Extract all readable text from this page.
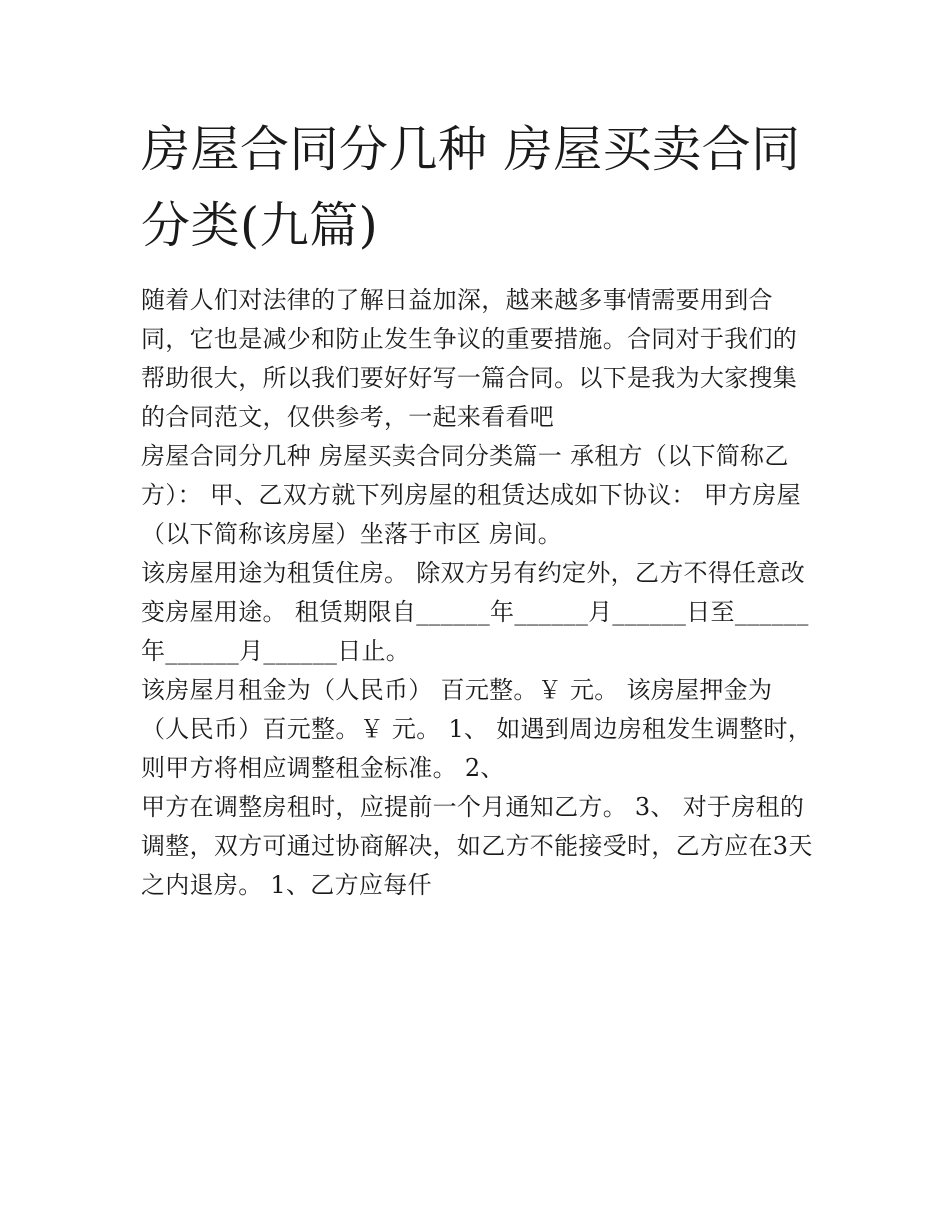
房屋合同分几种 房屋买卖合同分类(九篇)

随着人们对法律的了解日益加深，越来越多事情需要用到合同，它也是减少和防止发生争议的重要措施。合同对于我们的帮助很大，所以我们要好好写一篇合同。以下是我为大家搜集的合同范文，仅供参考，一起来看看吧

房屋合同分几种 房屋买卖合同分类篇一 承租方（以下简称乙方）： 甲、乙双方就下列房屋的租赁达成如下协议： 甲方房屋（以下简称该房屋）坐落于市区 房间。

该房屋用途为租赁住房。 除双方另有约定外，乙方不得任意改变房屋用途。 租赁期限自______年______月______日至______年______月______日止。

该房屋月租金为（人民币） 百元整。￥ 元。 该房屋押金为（人民币）百元整。￥ 元。 1、 如遇到周边房租发生调整时，则甲方将相应调整租金标准。 2、

甲方在调整房租时，应提前一个月通知乙方。 3、 对于房租的调整，双方可通过协商解决，如乙方不能接受时，乙方应在3天之内退房。 1、乙方应每仟
